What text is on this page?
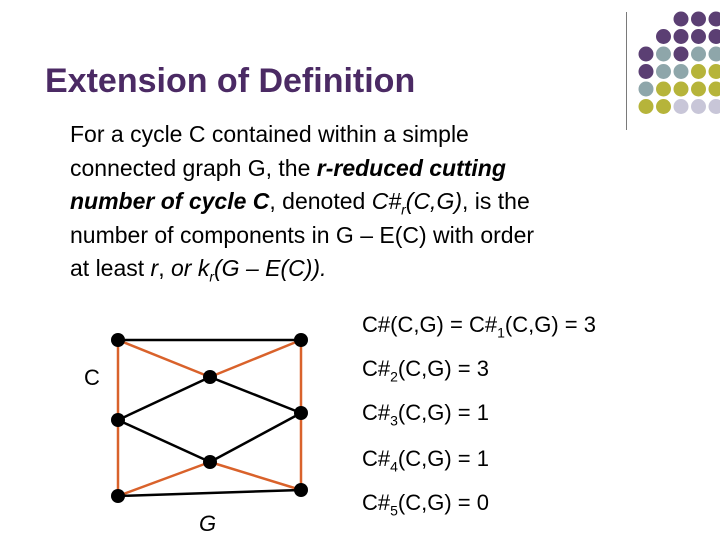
Extension of Definition
For a cycle C contained within a simple
connected graph G, the r-reduced cutting
number of cycle C, denoted $C\#_r(C,G)$, is the
number of components in G – E(C) with order
at least r, or $k_r(G - E(C))$.
C
G
C#(C,G) = $C\#_1(C,G) = 3$
$C\#_2(C,G) = 3$
$C\#_3(C,G) = 1$
$C\#_4(C,G) = 1$
$C\#_5(C,G) = 0$
